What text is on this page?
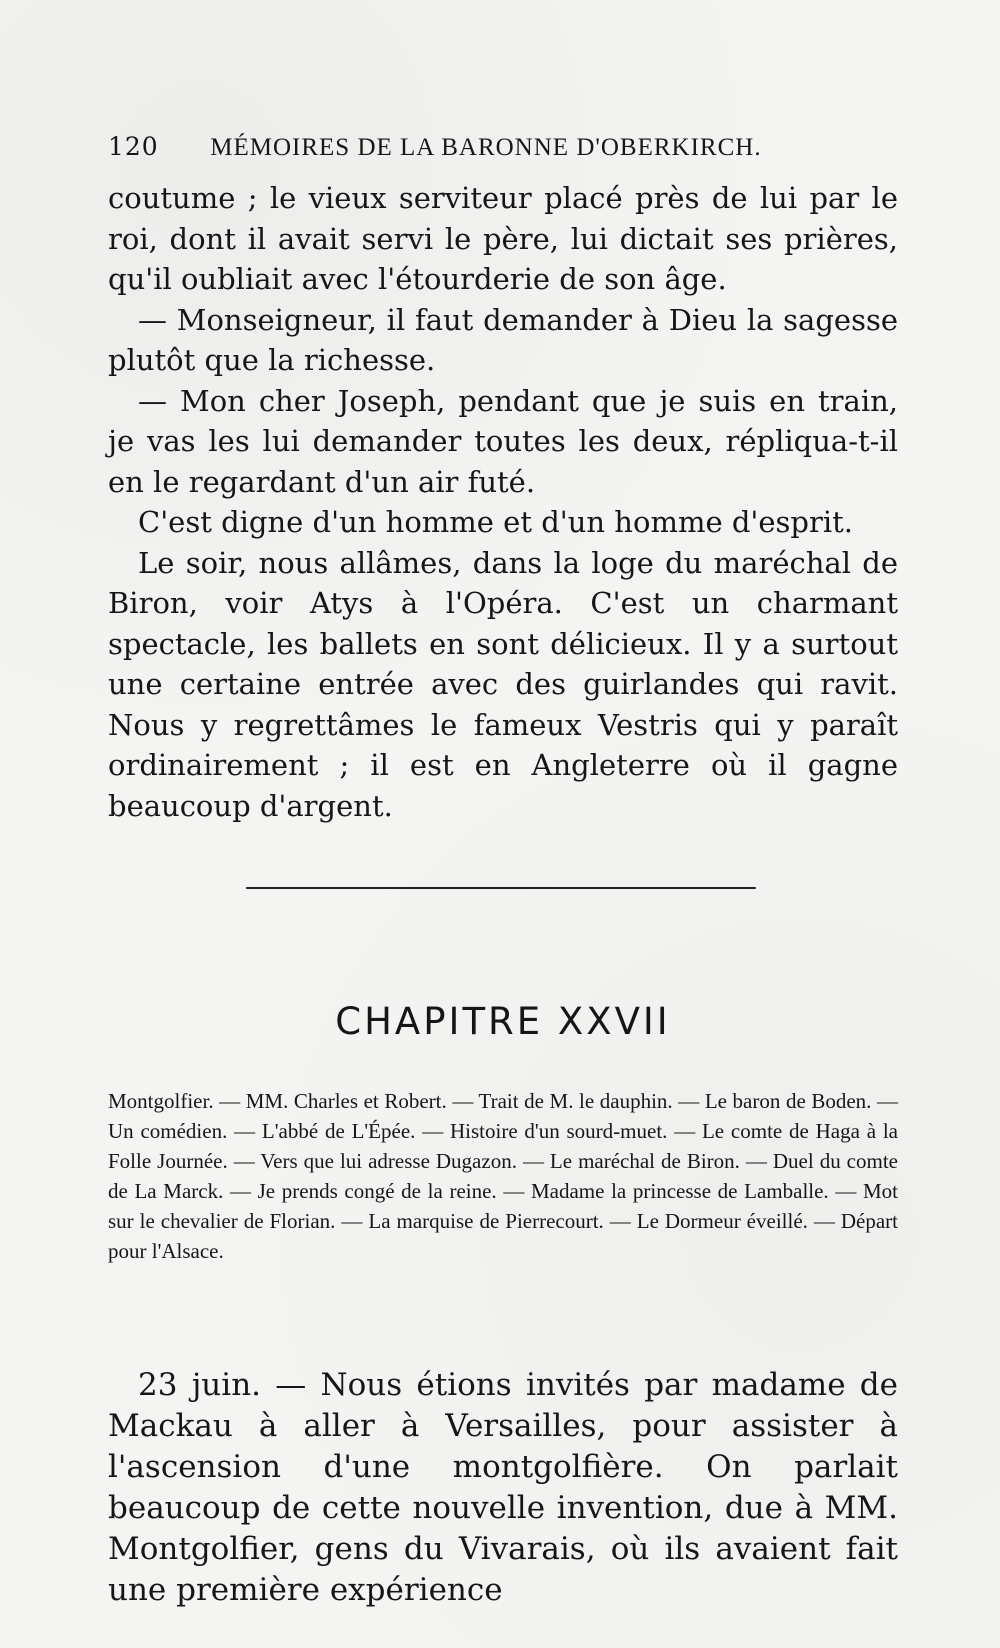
120 MÉMOIRES DE LA BARONNE D'OBERKIRCH.

coutume ; le vieux serviteur placé près de lui par le roi, dont il avait servi le père, lui dictait ses prières, qu'il oubliait avec l'étourderie de son âge.

— Monseigneur, il faut demander à Dieu la sagesse plutôt que la richesse.

— Mon cher Joseph, pendant que je suis en train, je vas les lui demander toutes les deux, répliqua-t-il en le regardant d'un air futé.

C'est digne d'un homme et d'un homme d'esprit.

Le soir, nous allâmes, dans la loge du maréchal de Biron, voir Atys à l'Opéra. C'est un charmant spectacle, les ballets en sont délicieux. Il y a surtout une certaine entrée avec des guirlandes qui ravit. Nous y regrettâmes le fameux Vestris qui y paraît ordinairement ; il est en Angleterre où il gagne beaucoup d'argent.

CHAPITRE XXVII

Montgolfier. — MM. Charles et Robert. — Trait de M. le dauphin. — Le baron de Boden. — Un comédien. — L'abbé de L'Épée. — Histoire d'un sourd-muet. — Le comte de Haga à la Folle Journée. — Vers que lui adresse Dugazon. — Le maréchal de Biron. — Duel du comte de La Marck. — Je prends congé de la reine. — Madame la princesse de Lamballe. — Mot sur le chevalier de Florian. — La marquise de Pierrecourt. — Le Dormeur éveillé. — Départ pour l'Alsace.

23 juin. — Nous étions invités par madame de Mackau à aller à Versailles, pour assister à l'ascension d'une montgolfière. On parlait beaucoup de cette nouvelle invention, due à MM. Montgolfier, gens du Vivarais, où ils avaient fait une première expérience
